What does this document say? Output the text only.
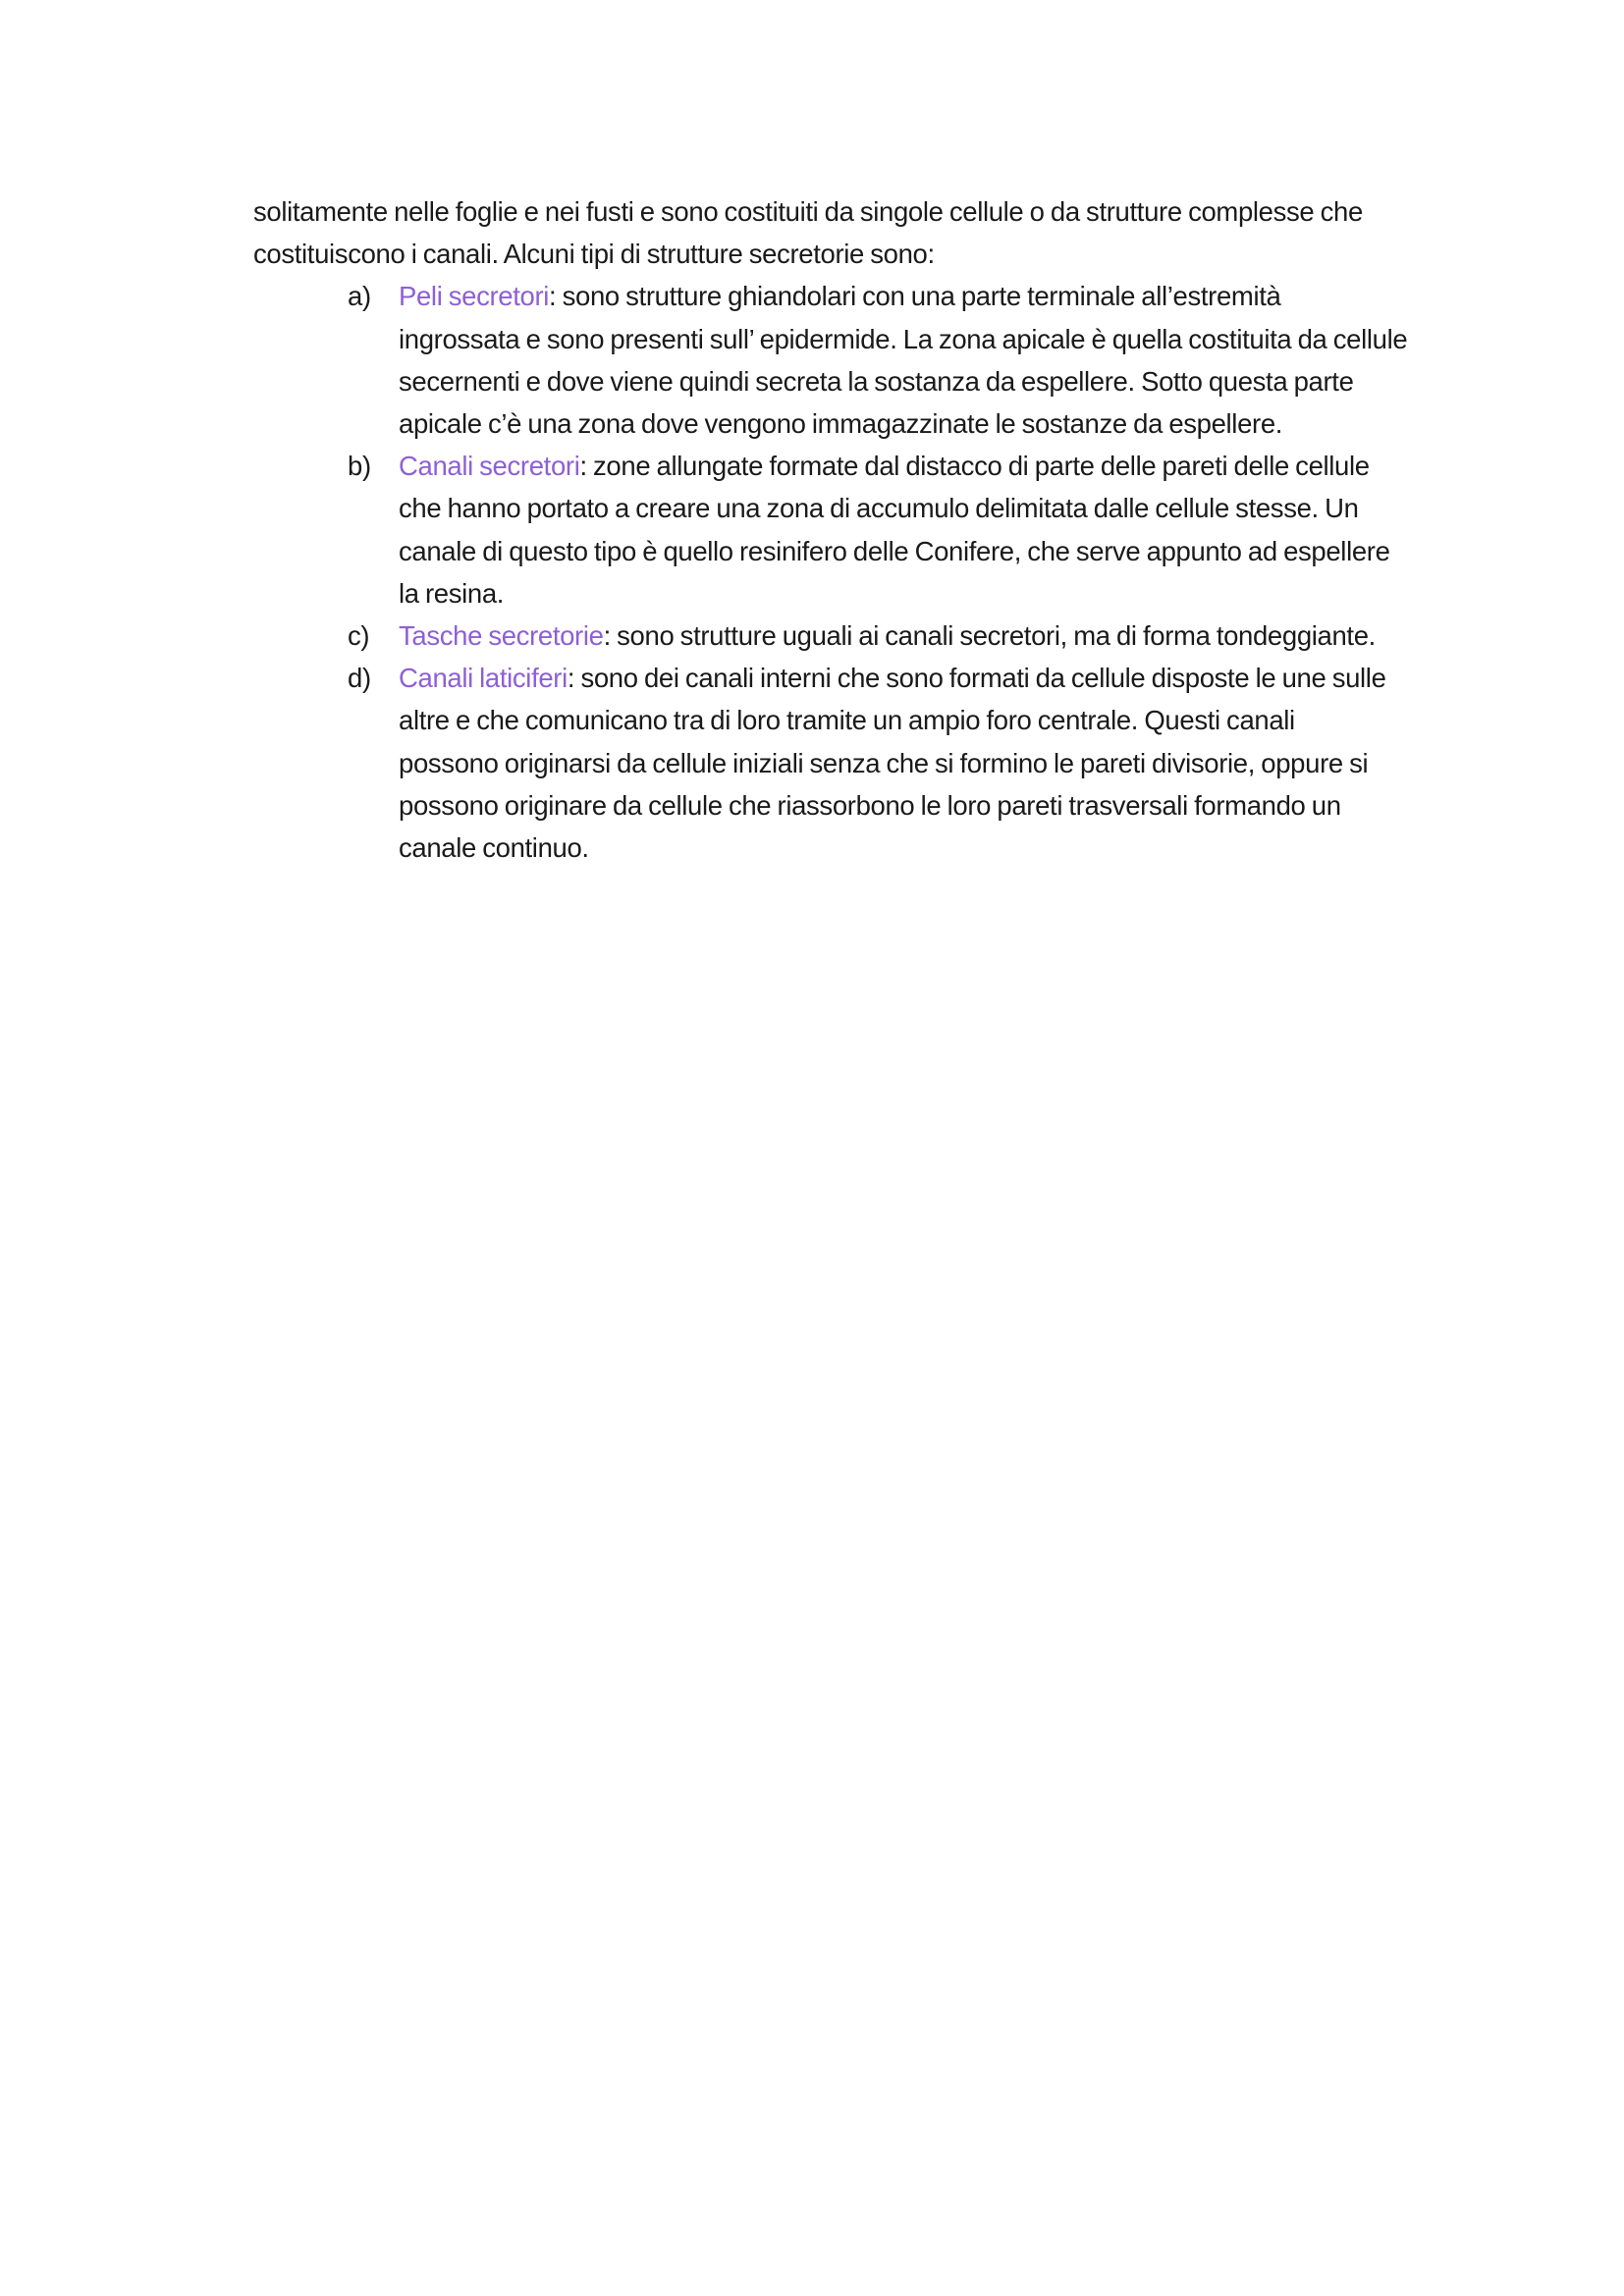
solitamente nelle foglie e nei fusti e sono costituiti da singole cellule o da strutture complesse che
costituiscono i canali. Alcuni tipi di strutture secretorie sono:

a) Peli secretori: sono strutture ghiandolari con una parte terminale all’estremità
ingrossata e sono presenti sull’ epidermide. La zona apicale è quella costituita da cellule
secernenti e dove viene quindi secreta la sostanza da espellere. Sotto questa parte
apicale c’è una zona dove vengono immagazzinate le sostanze da espellere.
b) Canali secretori: zone allungate formate dal distacco di parte delle pareti delle cellule
che hanno portato a creare una zona di accumulo delimitata dalle cellule stesse. Un
canale di questo tipo è quello resinifero delle Conifere, che serve appunto ad espellere
la resina.
c) Tasche secretorie: sono strutture uguali ai canali secretori, ma di forma tondeggiante.
d) Canali laticiferi: sono dei canali interni che sono formati da cellule disposte le une sulle
altre e che comunicano tra di loro tramite un ampio foro centrale. Questi canali
possono originarsi da cellule iniziali senza che si formino le pareti divisorie, oppure si
possono originare da cellule che riassorbono le loro pareti trasversali formando un
canale continuo.
